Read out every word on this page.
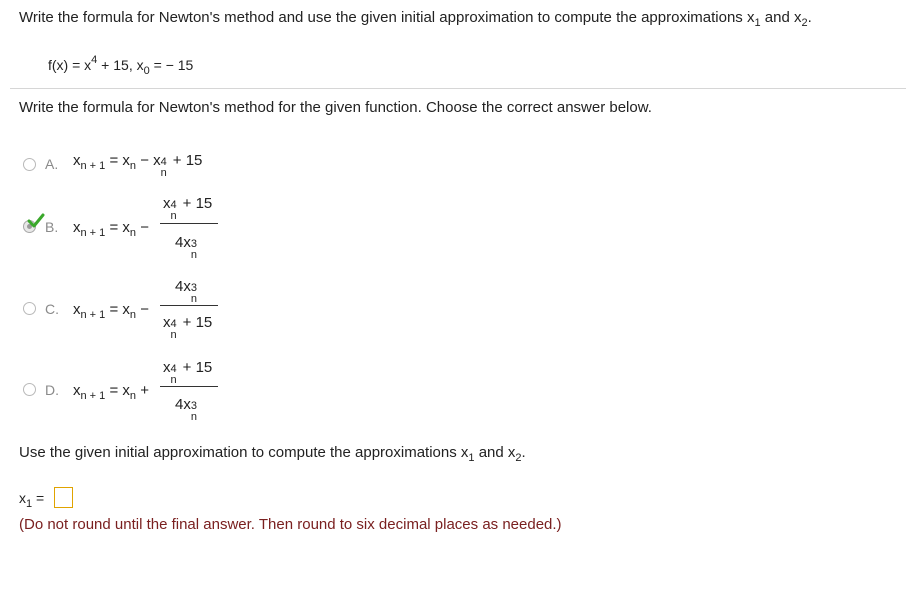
Write the formula for Newton's method and use the given initial approximation to compute the approximations $x_1$ and $x_2$.
$f(x) = x^4 + 15$, $x_0$ = − 15
Write the formula for Newton's method for the given function. Choose the correct answer below.
A. $x_{n + 1} = x_n - x$ 4
n
+ 15
B. $x_{n + 1} = x_n$ −
x 4
n
+ 15
4x 3
n
C. $x_{n + 1} = x_n$ −
4x 3
n
x 4
n
+ 15
D. $x_{n + 1} = x_n$ +
x 4
n
+ 15
4x 3
n
Use the given initial approximation to compute the approximations $x_1$ and $x_2$.
$x_1$ =
(Do not round until the final answer. Then round to six decimal places as needed.)
